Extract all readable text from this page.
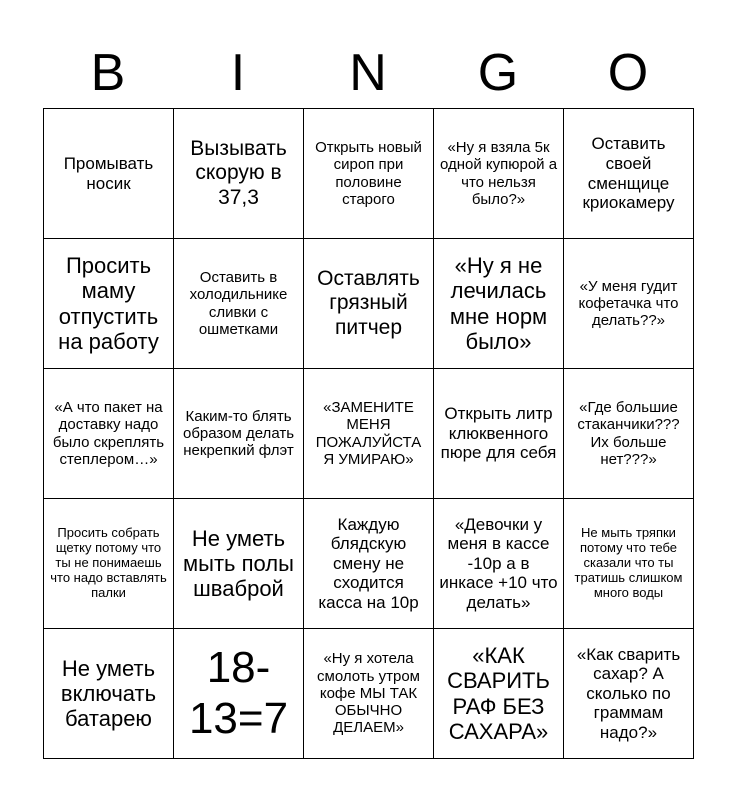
B	I	N	G	O
Промывать носик	Вызывать скорую в 37,3	Открыть новый сироп при половине старого	«Ну я взяла 5к одной купюрой а что нельзя было?»	Оставить своей сменщице криокамеру
Просить маму отпустить на работу	Оставить в холодильнике сливки с ошметками	Оставлять грязный питчер	«Ну я не лечилась мне норм было»	«У меня гудит кофетачка что делать??»
«А что пакет на доставку надо было скреплять степлером…»	Каким-то блять образом делать некрепкий флэт	«ЗАМЕНИТЕ МЕНЯ ПОЖАЛУЙСТА Я УМИРАЮ»	Открыть литр клюквенного пюре для себя	«Где большие стаканчики??? Их больше нет???»
Просить собрать щетку потому что ты не понимаешь что надо вставлять палки	Не уметь мыть полы шваброй	Каждую блядскую смену не сходится касса на 10р	«Девочки у меня в кассе -10р а в инкасе +10 что делать»	Не мыть тряпки потому что тебе сказали что ты тратишь слишком много воды
Не уметь включать батарею	18-13=7	«Ну я хотела смолоть утром кофе МЫ ТАК ОБЫЧНО ДЕЛАЕМ»	«КАК СВАРИТЬ РАФ БЕЗ САХАРА»	«Как сварить сахар? А сколько по граммам надо?»
